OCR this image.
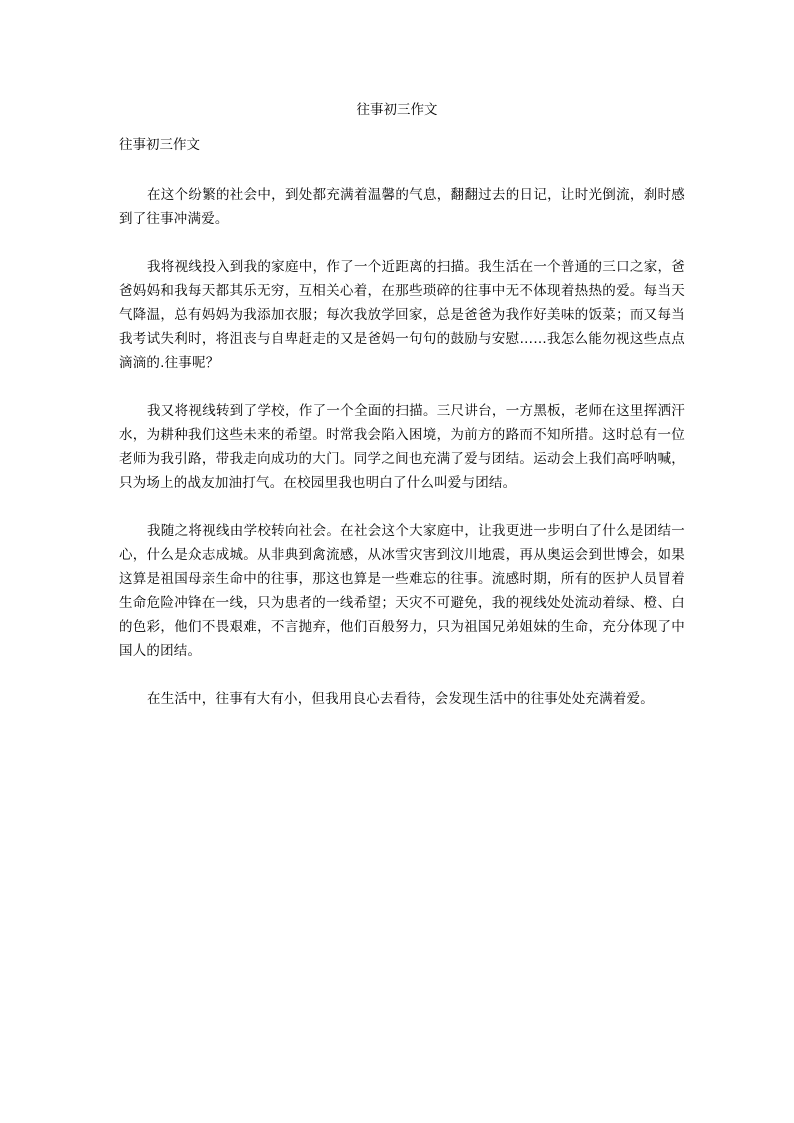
往事初三作文
往事初三作文

在这个纷繁的社会中，到处都充满着温馨的气息，翻翻过去的日记，让时光倒流，刹时感到了往事冲满爱。

我将视线投入到我的家庭中，作了一个近距离的扫描。我生活在一个普通的三口之家，爸爸妈妈和我每天都其乐无穷，互相关心着，在那些琐碎的往事中无不体现着热热的爱。每当天气降温，总有妈妈为我添加衣服；每次我放学回家，总是爸爸为我作好美味的饭菜；而又每当我考试失利时，将沮丧与自卑赶走的又是爸妈一句句的鼓励与安慰……我怎么能勿视这些点点滴滴的.往事呢？

我又将视线转到了学校，作了一个全面的扫描。三尺讲台，一方黑板，老师在这里挥洒汗水，为耕种我们这些未来的希望。时常我会陷入困境，为前方的路而不知所措。这时总有一位老师为我引路，带我走向成功的大门。同学之间也充满了爱与团结。运动会上我们高呼呐喊，只为场上的战友加油打气。在校园里我也明白了什么叫爱与团结。

我随之将视线由学校转向社会。在社会这个大家庭中，让我更进一步明白了什么是团结一心，什么是众志成城。从非典到禽流感，从冰雪灾害到汶川地震，再从奥运会到世博会，如果这算是祖国母亲生命中的往事，那这也算是一些难忘的往事。流感时期，所有的医护人员冒着生命危险冲锋在一线，只为患者的一线希望；天灾不可避免，我的视线处处流动着绿、橙、白的色彩，他们不畏艰难，不言抛弃，他们百般努力，只为祖国兄弟姐妹的生命，充分体现了中国人的团结。

在生活中，往事有大有小，但我用良心去看待，会发现生活中的往事处处充满着爱。
